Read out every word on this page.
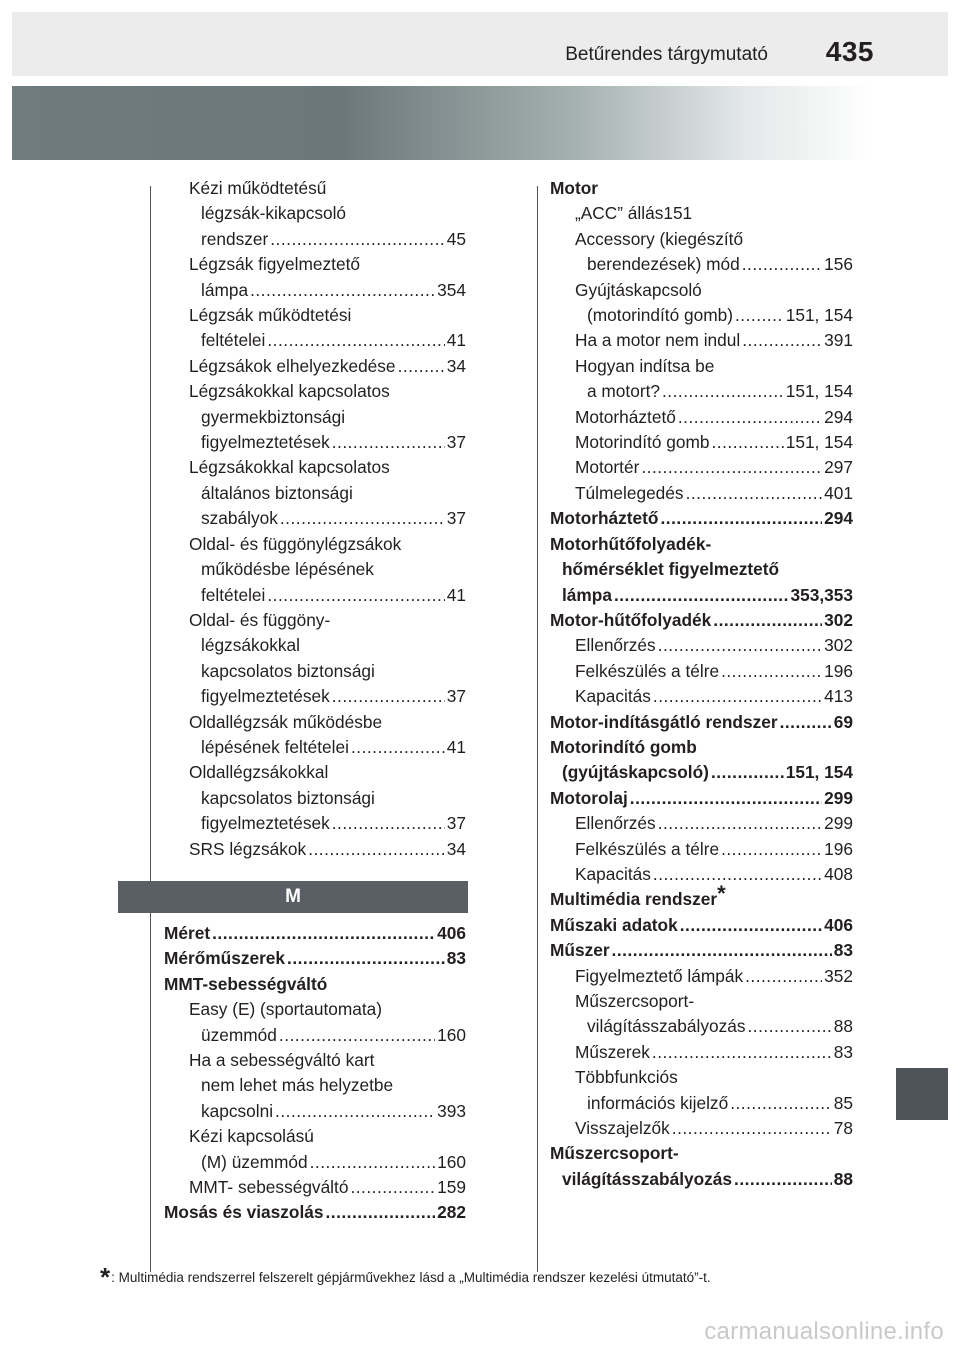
Betűrendes tárgymutató 435
Kézi működtetésű
légzsák-kikapcsoló
rendszer .....	45
Légzsák figyelmeztető
lámpa .....	354
Légzsák működtetési
feltételei .....	41
Légzsákok elhelyezkedése .....	34
Légzsákokkal kapcsolatos
gyermekbiztonsági
figyelmeztetések .....	37
Légzsákokkal kapcsolatos
általános biztonsági
szabályok .....	37
Oldal- és függönylégzsákok
működésbe lépésének
feltételei .....	41
Oldal- és függöny-
légzsákokkal
kapcsolatos biztonsági
figyelmeztetések .....	37
Oldallégzsák működésbe
lépésének feltételei .....	41
Oldallégzsákokkal
kapcsolatos biztonsági
figyelmeztetések .....	37
SRS légzsákok .....	34
M
Méret .....	406
Mérőműszerek .....	83
MMT-sebességváltó
Easy (E) (sportautomata)
üzemmód .....	160
Ha a sebességváltó kart
nem lehet más helyzetbe
kapcsolni .....	393
Kézi kapcsolású
(M) üzemmód .....	160
MMT- sebességváltó .....	159
Mosás és viaszolás .....	282
Motor
„ACC” állás151
Accessory (kiegészítő
berendezések) mód .....	156
Gyújtáskapcsoló
(motorindító gomb) .....	151, 154
Ha a motor nem indul .....	391
Hogyan indítsa be
a motort? .....	151, 154
Motorháztető .....	294
Motorindító gomb .....	151, 154
Motortér .....	297
Túlmelegedés .....	401
Motorháztető .....	294
Motorhűtőfolyadék-
hőmérséklet figyelmeztető
lámpa .....	353,353
Motor-hűtőfolyadék .....	302
Ellenőrzés .....	302
Felkészülés a télre .....	196
Kapacitás .....	413
Motor-indításgátló rendszer .....	69
Motorindító gomb
(gyújtáskapcsoló) .....	151, 154
Motorolaj .....	299
Ellenőrzés .....	299
Felkészülés a télre .....	196
Kapacitás .....	408
Multimédia rendszer*
Műszaki adatok .....	406
Műszer .....	83
Figyelmeztető lámpák .....	352
Műszercsoport-
világításszabályozás .....	88
Műszerek .....	83
Többfunkciós
információs kijelző .....	85
Visszajelzők .....	78
Műszercsoport-
világításszabályozás .....	88
*: Multimédia rendszerrel felszerelt gépjárművekhez lásd a „Multimédia rendszer kezelési útmutató”-t.
carmanualsonline.info
